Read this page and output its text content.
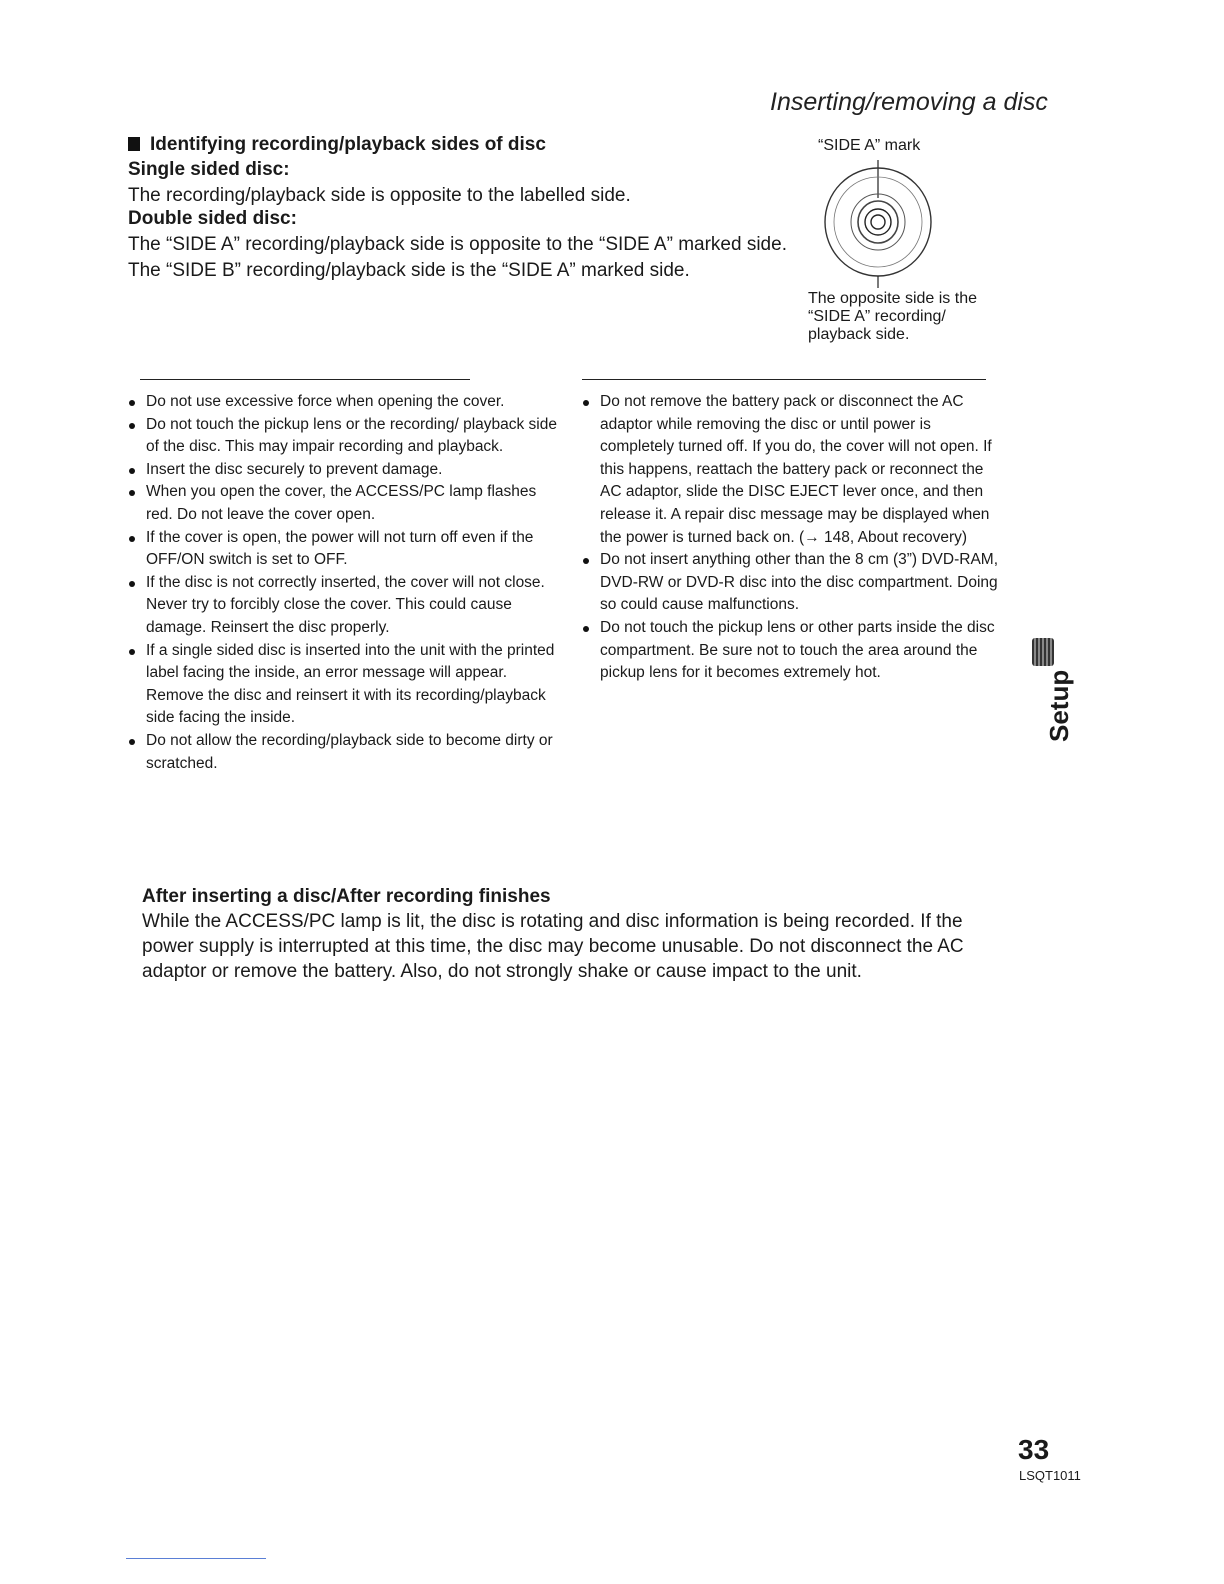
Inserting/removing a disc
Identifying recording/playback sides of disc
Single sided disc:
The recording/playback side is opposite to the labelled side.
Double sided disc:
The “SIDE A” recording/playback side is opposite to the “SIDE A” marked side. The “SIDE B” recording/playback side is the “SIDE A” marked side.
“SIDE A” mark
The opposite side is the “SIDE A” recording/ playback side.
Do not use excessive force when opening the cover.
Do not touch the pickup lens or the recording/ playback side of the disc. This may impair recording and playback.
Insert the disc securely to prevent damage.
When you open the cover, the ACCESS/PC lamp flashes red. Do not leave the cover open.
If the cover is open, the power will not turn off even if the OFF/ON switch is set to OFF.
If the disc is not correctly inserted, the cover will not close. Never try to forcibly close the cover. This could cause damage. Reinsert the disc properly.
If a single sided disc is inserted into the unit with the printed label facing the inside, an error message will appear. Remove the disc and reinsert it with its recording/playback side facing the inside.
Do not allow the recording/playback side to become dirty or scratched.
Do not remove the battery pack or disconnect the AC adaptor while removing the disc or until power is completely turned off. If you do, the cover will not open. If this happens, reattach the battery pack or reconnect the AC adaptor, slide the DISC EJECT lever once, and then release it. A repair disc message may be displayed when the power is turned back on. (→ 148, About recovery)
Do not insert anything other than the 8 cm (3”) DVD-RAM, DVD-RW or DVD-R disc into the disc compartment. Doing so could cause malfunctions.
Do not touch the pickup lens or other parts inside the disc compartment. Be sure not to touch the area around the pickup lens for it becomes extremely hot.
After inserting a disc/After recording finishes
While the ACCESS/PC lamp is lit, the disc is rotating and disc information is being recorded. If the power supply is interrupted at this time, the disc may become unusable. Do not disconnect the AC adaptor or remove the battery. Also, do not strongly shake or cause impact to the unit.
Setup
33
LSQT1011
